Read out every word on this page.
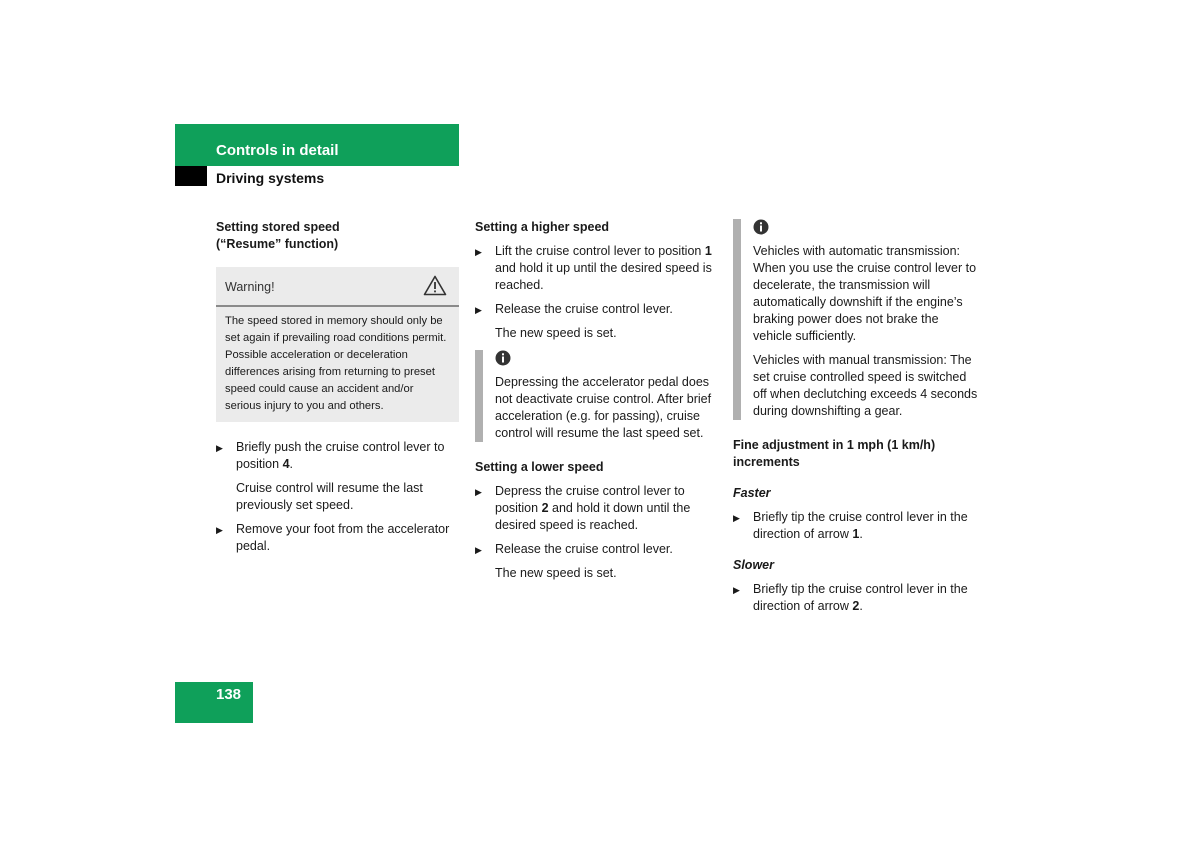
Controls in detail
Driving systems
Setting stored speed
(“Resume” function)
Warning!
The speed stored in memory should only be set again if prevailing road conditions permit. Possible acceleration or deceleration differences arising from returning to preset speed could cause an accident and/or serious injury to you and others.
▶ Briefly push the cruise control lever to position 4.
Cruise control will resume the last previously set speed.
▶ Remove your foot from the accelerator pedal.
Setting a higher speed
▶ Lift the cruise control lever to position 1 and hold it up until the desired speed is reached.
▶ Release the cruise control lever.
The new speed is set.
Depressing the accelerator pedal does not deactivate cruise control. After brief acceleration (e.g. for passing), cruise control will resume the last speed set.
Setting a lower speed
▶ Depress the cruise control lever to position 2 and hold it down until the desired speed is reached.
▶ Release the cruise control lever.
The new speed is set.
Vehicles with automatic transmission: When you use the cruise control lever to decelerate, the transmission will automatically downshift if the engine’s braking power does not brake the vehicle sufficiently.
Vehicles with manual transmission: The set cruise controlled speed is switched off when declutching exceeds 4 seconds during downshifting a gear.
Fine adjustment in 1 mph (1 km/h) increments
Faster
▶ Briefly tip the cruise control lever in the direction of arrow 1.
Slower
▶ Briefly tip the cruise control lever in the direction of arrow 2.
138
